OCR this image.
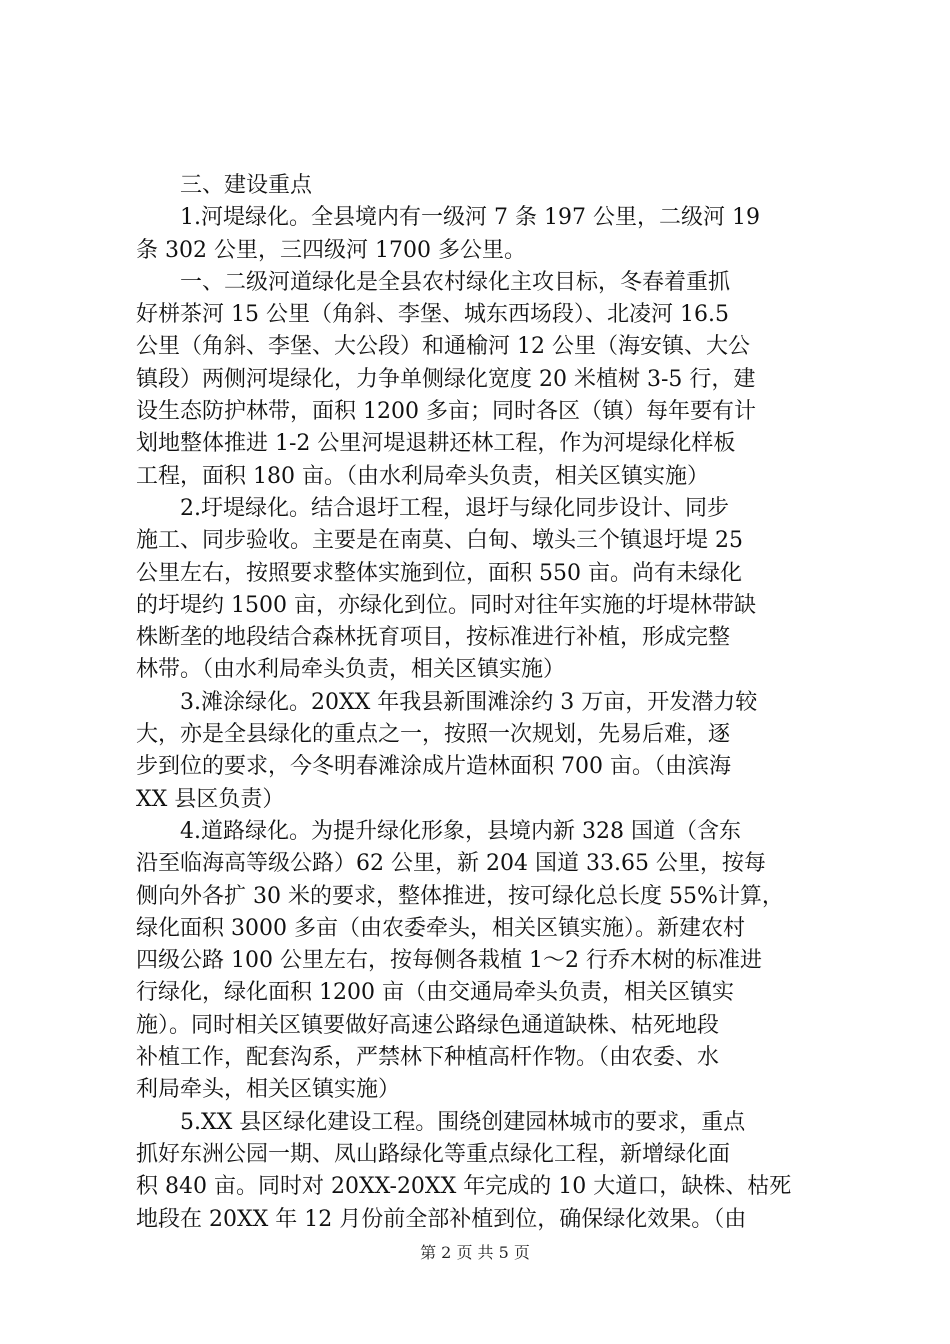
三、建设重点
1.河堤绿化。全县境内有一级河 7 条 197 公里，二级河 19
条 302 公里，三四级河 1700 多公里。
一、二级河道绿化是全县农村绿化主攻目标，冬春着重抓
好栟茶河 15 公里（角斜、李堡、城东西场段）、北凌河 16.5
公里（角斜、李堡、大公段）和通榆河 12 公里（海安镇、大公
镇段）两侧河堤绿化，力争单侧绿化宽度 20 米植树 3-5 行，建
设生态防护林带，面积 1200 多亩；同时各区（镇）每年要有计
划地整体推进 1-2 公里河堤退耕还林工程，作为河堤绿化样板
工程，面积 180 亩。（由水利局牵头负责，相关区镇实施）
2.圩堤绿化。结合退圩工程，退圩与绿化同步设计、同步
施工、同步验收。主要是在南莫、白甸、墩头三个镇退圩堤 25
公里左右，按照要求整体实施到位，面积 550 亩。尚有未绿化
的圩堤约 1500 亩，亦绿化到位。同时对往年实施的圩堤林带缺
株断垄的地段结合森林抚育项目，按标准进行补植，形成完整
林带。（由水利局牵头负责，相关区镇实施）
3.滩涂绿化。20XX 年我县新围滩涂约 3 万亩，开发潜力较
大，亦是全县绿化的重点之一，按照一次规划，先易后难，逐
步到位的要求，今冬明春滩涂成片造林面积 700 亩。（由滨海
XX 县区负责）
4.道路绿化。为提升绿化形象，县境内新 328 国道（含东
沿至临海高等级公路）62 公里，新 204 国道 33.65 公里，按每
侧向外各扩 30 米的要求，整体推进，按可绿化总长度 55%计算，
绿化面积 3000 多亩（由农委牵头，相关区镇实施）。新建农村
四级公路 100 公里左右，按每侧各栽植 1～2 行乔木树的标准进
行绿化，绿化面积 1200 亩（由交通局牵头负责，相关区镇实
施）。同时相关区镇要做好高速公路绿色通道缺株、枯死地段
补植工作，配套沟系，严禁林下种植高杆作物。（由农委、水
利局牵头，相关区镇实施）
5.XX 县区绿化建设工程。围绕创建园林城市的要求，重点
抓好东洲公园一期、凤山路绿化等重点绿化工程，新增绿化面
积 840 亩。同时对 20XX-20XX 年完成的 10 大道口，缺株、枯死
地段在 20XX 年 12 月份前全部补植到位，确保绿化效果。（由
第 2 页 共 5 页
